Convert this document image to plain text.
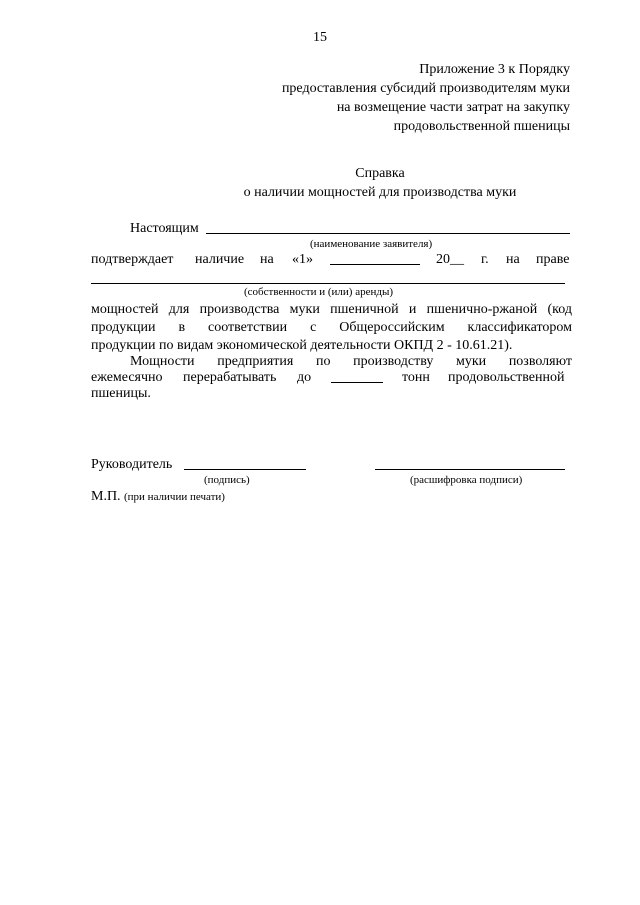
15
Приложение 3 к Порядку
предоставления субсидий производителям муки
на возмещение части затрат на закупку
продовольственной пшеницы
Справка
о наличии мощностей для производства муки
Настоящим
(наименование заявителя)
подтверждает наличие на «1»	20__ г. на праве
(собственности и (или) аренды)
мощностей для производства муки пшеничной и пшенично-ржаной (код
продукции в соответствии с Общероссийским классификатором
продукции по видам экономической деятельности ОКПД 2 - 10.61.21).
Мощности предприятия по производству муки позволяют
ежемесячно перерабатывать до	тонн продовольственной
пшеницы.
Руководитель
(подпись)	(расшифровка подписи)
М.П. (при наличии печати)
